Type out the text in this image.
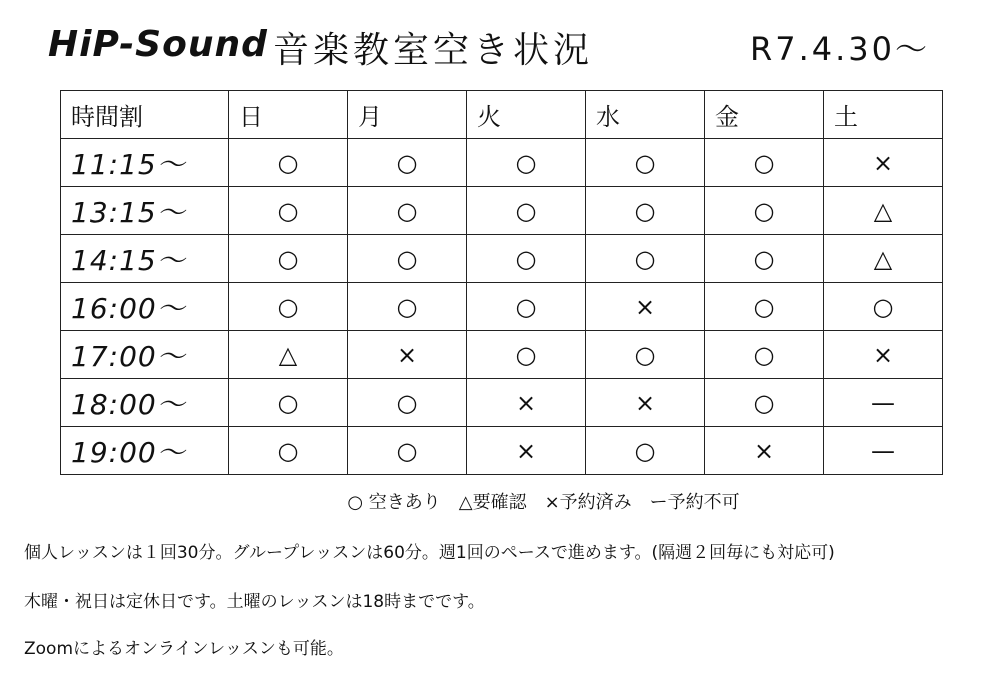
HiP-Sound 音楽教室空き状況	R7.4.30～
時間割	日	月	火	水	金	土
11:15～	○	○	○	○	○	×
13:15～	○	○	○	○	○	△
14:15～	○	○	○	○	○	△
16:00～	○	○	○	×	○	○
17:00～	△	×	○	○	○	×
18:00～	○	○	×	×	○	—
19:00～	○	○	×	○	×	—
○ 空きあり　△要確認　×予約済み　ー予約不可
個人レッスンは１回30分。グループレッスンは60分。週1回のペースで進めます。(隔週２回毎にも対応可)
木曜・祝日は定休日です。土曜のレッスンは18時までです。
Zoomによるオンラインレッスンも可能。
